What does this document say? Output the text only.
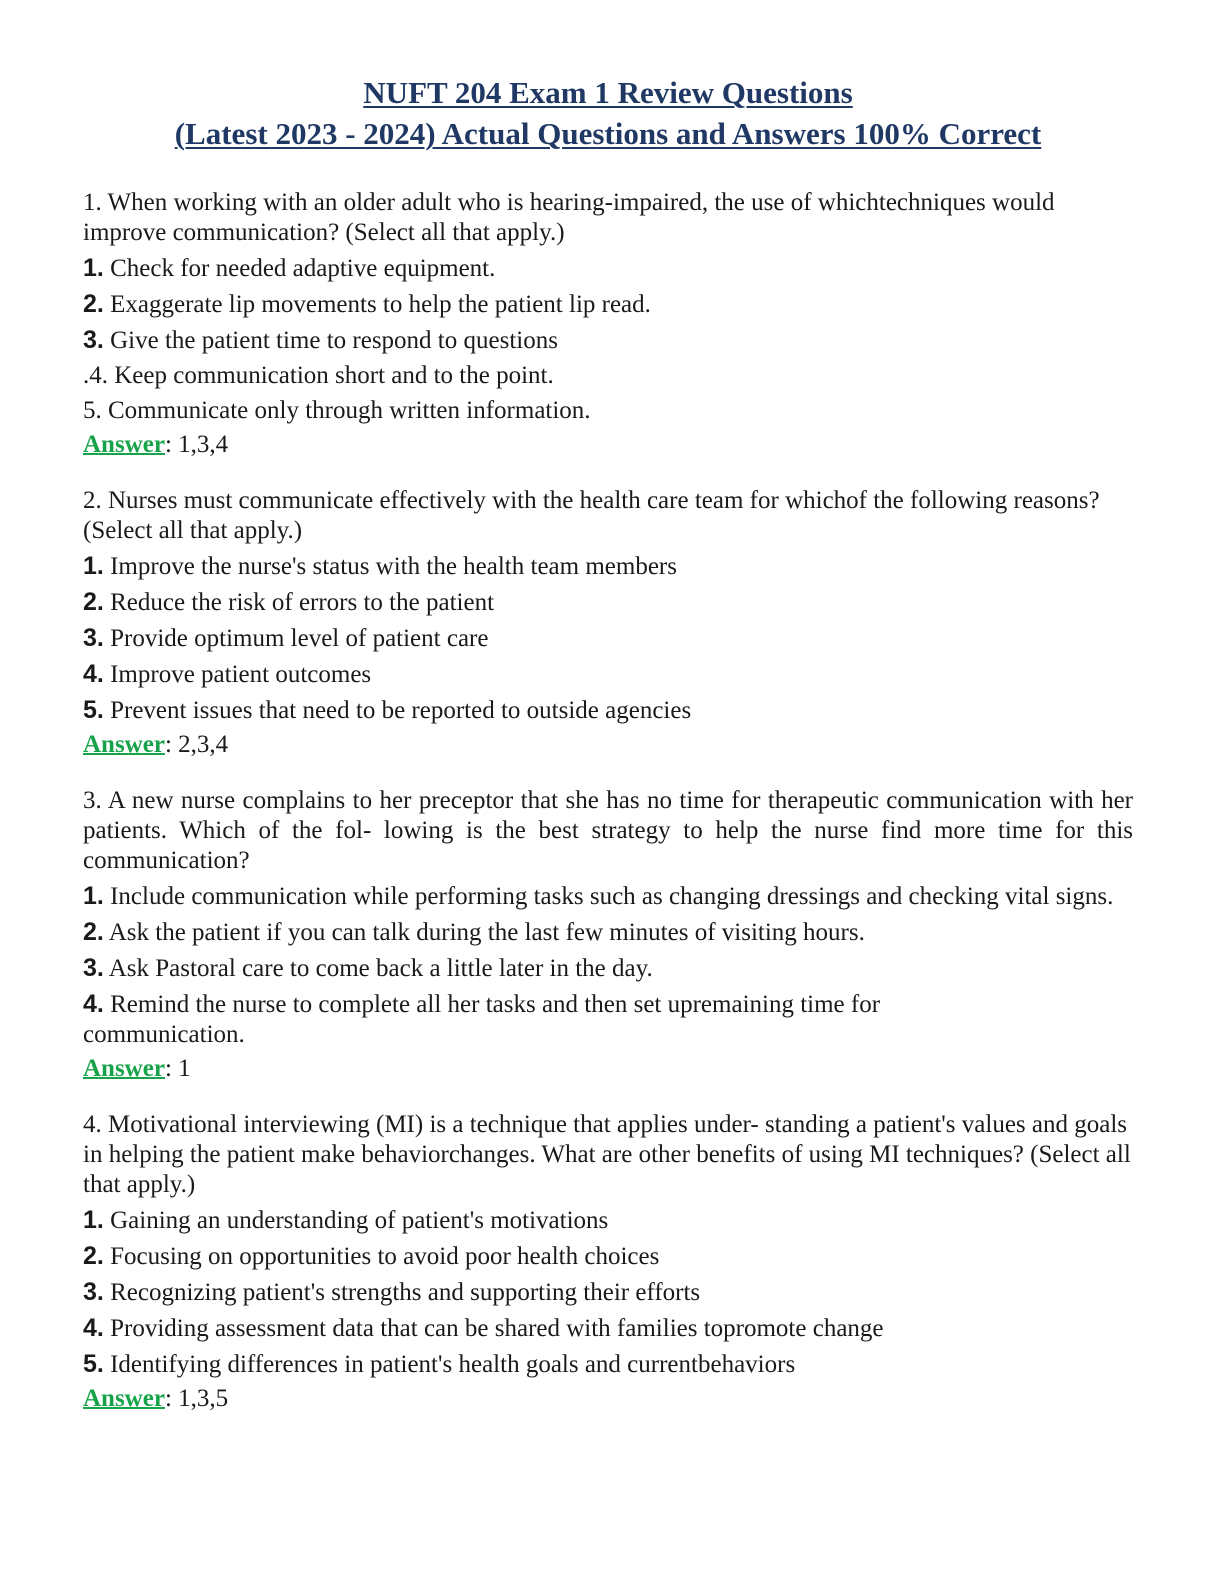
NUFT 204 Exam 1 Review Questions
(Latest 2023 - 2024) Actual Questions and Answers 100% Correct

1. When working with an older adult who is hearing-impaired, the use of whichtechniques would improve communication? (Select all that apply.)

1. Check for needed adaptive equipment.
2. Exaggerate lip movements to help the patient lip read.
3. Give the patient time to respond to questions
.4. Keep communication short and to the point.
5. Communicate only through written information.
Answer: 1,3,4

2. Nurses must communicate effectively with the health care team for whichof the following reasons? (Select all that apply.)

1. Improve the nurse's status with the health team members
2. Reduce the risk of errors to the patient
3. Provide optimum level of patient care
4. Improve patient outcomes
5. Prevent issues that need to be reported to outside agencies
Answer: 2,3,4

3. A new nurse complains to her preceptor that she has no time for therapeutic communication with her patients. Which of the fol- lowing is the best strategy to help the nurse find more time for this communication?

1. Include communication while performing tasks such as changing dressings and checking vital signs.
2. Ask the patient if you can talk during the last few minutes of visiting hours.
3. Ask Pastoral care to come back a little later in the day.
4. Remind the nurse to complete all her tasks and then set upremaining time for communication.
Answer: 1

4. Motivational interviewing (MI) is a technique that applies under- standing a patient's values and goals in helping the patient make behaviorchanges. What are other benefits of using MI techniques? (Select all that apply.)

1. Gaining an understanding of patient's motivations
2. Focusing on opportunities to avoid poor health choices
3. Recognizing patient's strengths and supporting their efforts
4. Providing assessment data that can be shared with families topromote change
5. Identifying differences in patient's health goals and currentbehaviors
Answer: 1,3,5
